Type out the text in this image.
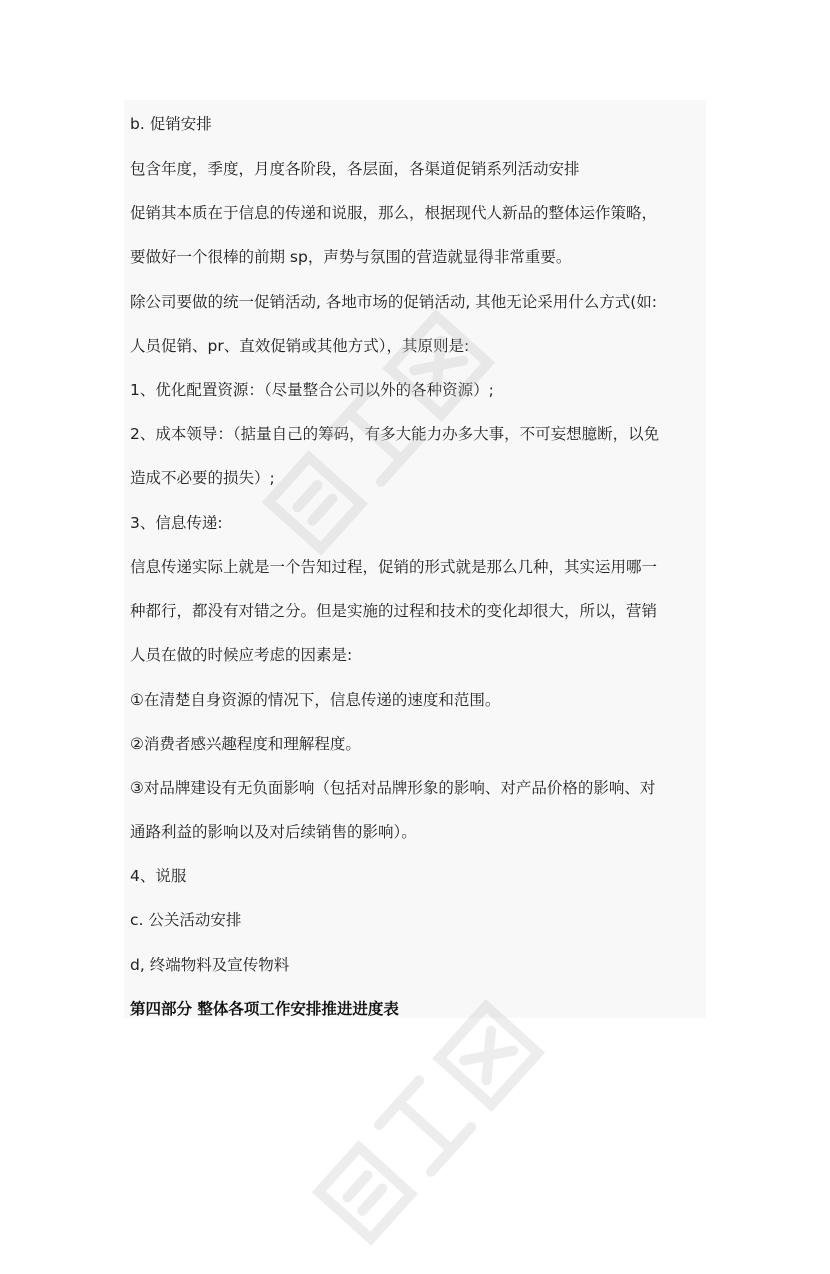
b. 促销安排
包含年度，季度，月度各阶段，各层面，各渠道促销系列活动安排
促销其本质在于信息的传递和说服，那么，根据现代人新品的整体运作策略，
要做好一个很棒的前期 sp，声势与氛围的营造就显得非常重要。
除公司要做的统一促销活动, 各地市场的促销活动, 其他无论采用什么方式(如:
人员促销、pr、直效促销或其他方式），其原则是:
1、优化配置资源：（尽量整合公司以外的各种资源）;
2、成本领导：（掂量自己的筹码，有多大能力办多大事，不可妄想臆断，以免
造成不必要的损失）;
3、信息传递:
信息传递实际上就是一个告知过程，促销的形式就是那么几种，其实运用哪一
种都行，都没有对错之分。但是实施的过程和技术的变化却很大，所以，营销
人员在做的时候应考虑的因素是:
①在清楚自身资源的情况下，信息传递的速度和范围。
②消费者感兴趣程度和理解程度。
③对品牌建设有无负面影响（包括对品牌形象的影响、对产品价格的影响、对
通路利益的影响以及对后续销售的影响）。
4、说服
c. 公关活动安排
d, 终端物料及宣传物料
第四部分 整体各项工作安排推进进度表
